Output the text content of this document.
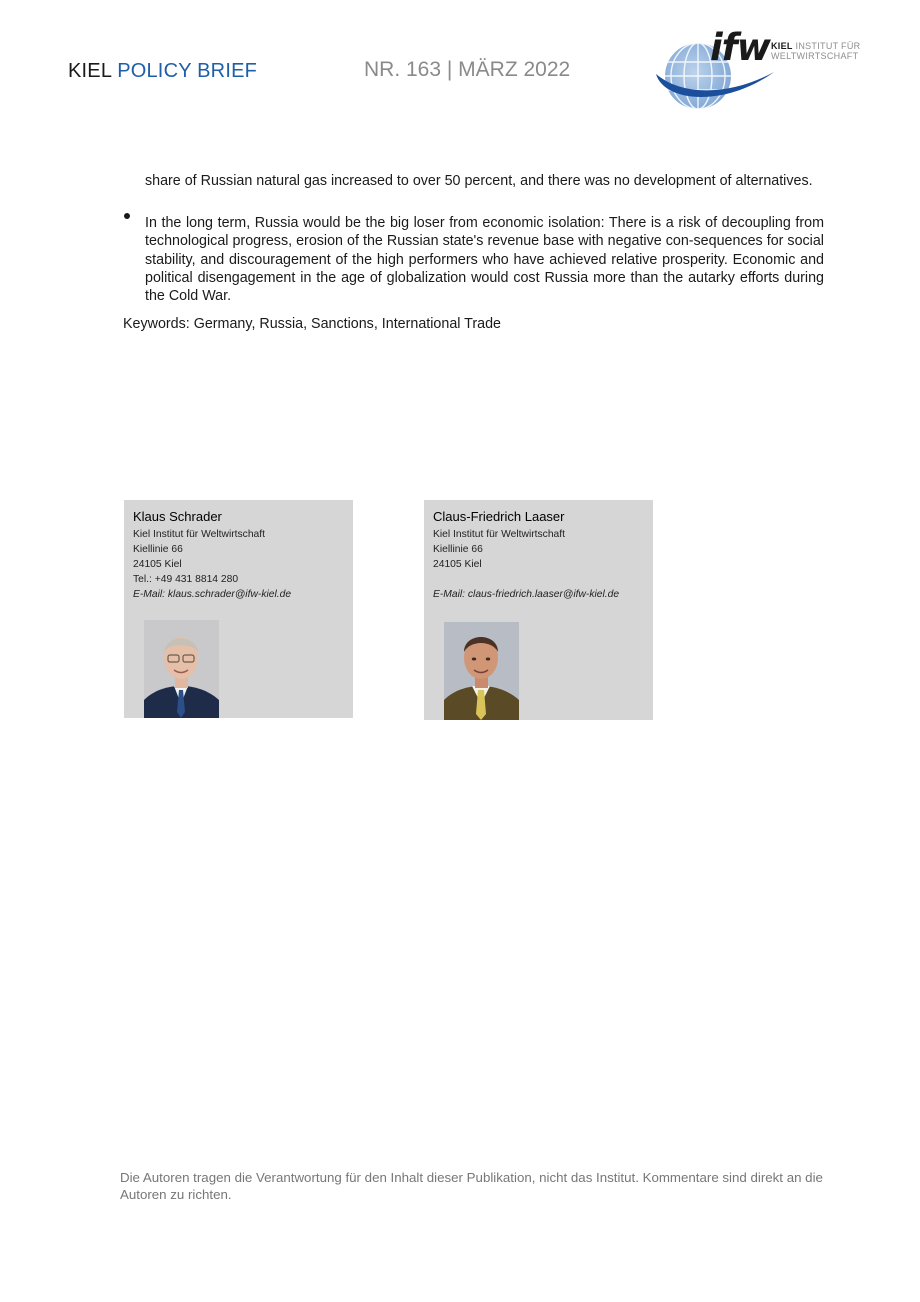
KIEL POLICY BRIEF	NR. 163 | MÄRZ 2022
ifw KIEL INSTITUT FÜR
WELTWIRTSCHAFT
share of Russian natural gas increased to over 50 percent, and there was no development of alternatives.
In the long term, Russia would be the big loser from economic isolation: There is a risk of decoupling from technological progress, erosion of the Russian state's revenue base with negative con-sequences for social stability, and discouragement of the high performers who have achieved relative prosperity. Economic and political disengagement in the age of globalization would cost Russia more than the autarky efforts during the Cold War.
Keywords: Germany, Russia, Sanctions, International Trade
Klaus Schrader
Kiel Institut für Weltwirtschaft
Kiellinie 66
24105 Kiel
Tel.: +49 431 8814 280
E-Mail: klaus.schrader@ifw-kiel.de
Claus-Friedrich Laaser
Kiel Institut für Weltwirtschaft
Kiellinie 66
24105 Kiel
E-Mail: claus-friedrich.laaser@ifw-kiel.de
Die Autoren tragen die Verantwortung für den Inhalt dieser Publikation, nicht das Institut. Kommentare sind direkt an die Autoren zu richten.
